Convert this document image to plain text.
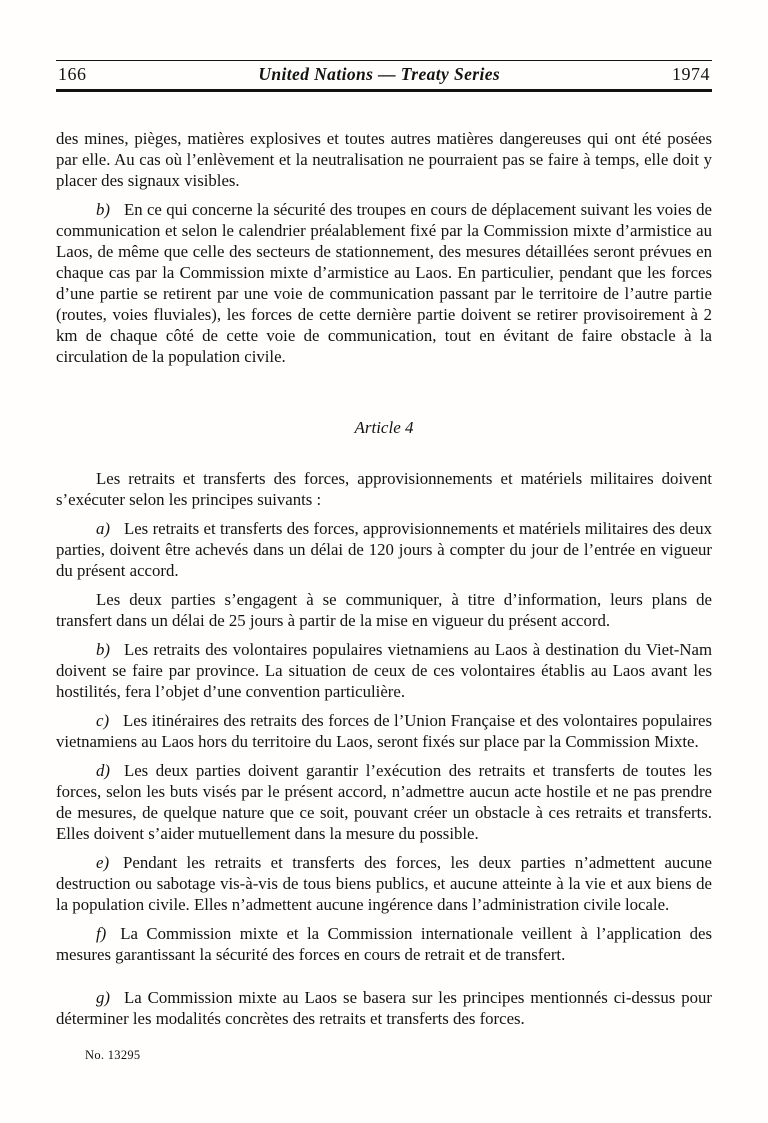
166	United Nations — Treaty Series	1974

des mines, pièges, matières explosives et toutes autres matières dangereuses qui ont été posées par elle. Au cas où l’enlèvement et la neutralisation ne pourraient pas se faire à temps, elle doit y placer des signaux visibles.

b) En ce qui concerne la sécurité des troupes en cours de déplacement suivant les voies de communication et selon le calendrier préalablement fixé par la Commission mixte d’armistice au Laos, de même que celle des secteurs de stationnement, des mesures détaillées seront prévues en chaque cas par la Commission mixte d’armistice au Laos. En particulier, pendant que les forces d’une partie se retirent par une voie de communication passant par le territoire de l’autre partie (routes, voies fluviales), les forces de cette dernière partie doivent se retirer provisoirement à 2 km de chaque côté de cette voie de communication, tout en évitant de faire obstacle à la circulation de la population civile.

Article 4

Les retraits et transferts des forces, approvisionnements et matériels militaires doivent s’exécuter selon les principes suivants :

a) Les retraits et transferts des forces, approvisionnements et matériels militaires des deux parties, doivent être achevés dans un délai de 120 jours à compter du jour de l’entrée en vigueur du présent accord.

Les deux parties s’engagent à se communiquer, à titre d’information, leurs plans de transfert dans un délai de 25 jours à partir de la mise en vigueur du présent accord.

b) Les retraits des volontaires populaires vietnamiens au Laos à destination du Viet-Nam doivent se faire par province. La situation de ceux de ces volontaires établis au Laos avant les hostilités, fera l’objet d’une convention particulière.

c) Les itinéraires des retraits des forces de l’Union Française et des volontaires populaires vietnamiens au Laos hors du territoire du Laos, seront fixés sur place par la Commission Mixte.

d) Les deux parties doivent garantir l’exécution des retraits et transferts de toutes les forces, selon les buts visés par le présent accord, n’admettre aucun acte hostile et ne pas prendre de mesures, de quelque nature que ce soit, pouvant créer un obstacle à ces retraits et transferts. Elles doivent s’aider mutuellement dans la mesure du possible.

e) Pendant les retraits et transferts des forces, les deux parties n’admettent aucune destruction ou sabotage vis-à-vis de tous biens publics, et aucune atteinte à la vie et aux biens de la population civile. Elles n’admettent aucune ingérence dans l’administration civile locale.

f) La Commission mixte et la Commission internationale veillent à l’application des mesures garantissant la sécurité des forces en cours de retrait et de transfert.

g) La Commission mixte au Laos se basera sur les principes mentionnés ci-dessus pour déterminer les modalités concrètes des retraits et transferts des forces.

No. 13295
